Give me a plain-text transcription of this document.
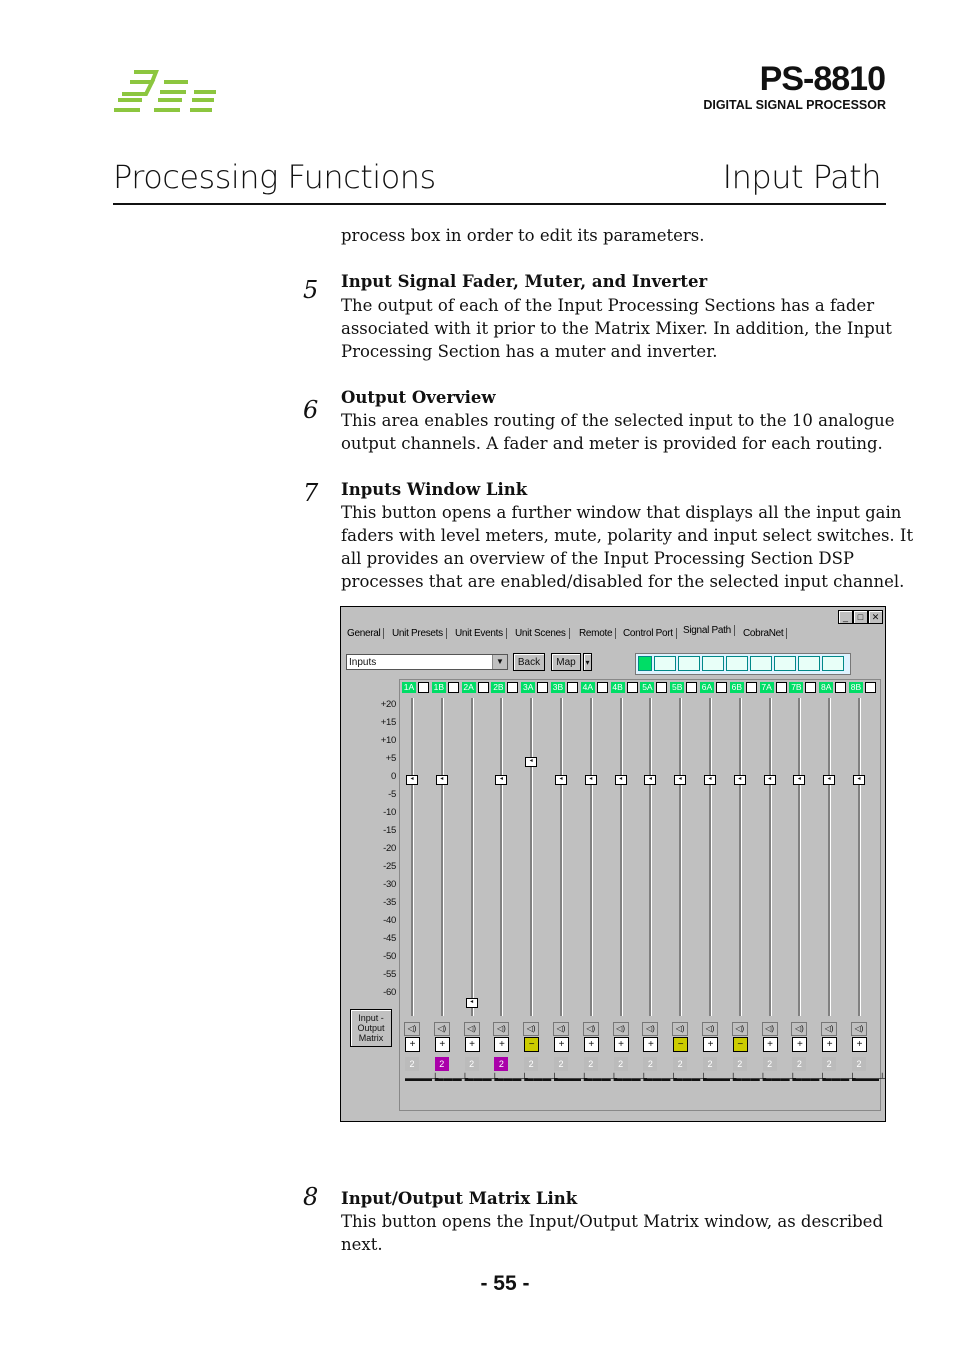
PS-8810
DIGITAL SIGNAL PROCESSOR
Processing Functions	Input Path
process box in order to edit its parameters.
5 Input Signal Fader, Muter, and Inverter
The output of each of the Input Processing Sections has a fader
associated with it prior to the Matrix Mixer. In addition, the Input
Processing Section has a muter and inverter.
6 Output Overview
This area enables routing of the selected input to the 10 analogue
output channels. A fader and meter is provided for each routing.
7 Inputs Window Link
This button opens a further window that displays all the input gain
faders with level meters, mute, polarity and input select switches. It
all provides an overview of the Input Processing Section DSP
processes that are enabled/disabled for the selected input channel.
_	□ ✕
General	Unit Presets	Unit Events	Unit Scenes	Remote	Control Port	Signal Path	CobraNet
Inputs	▼	Back	Map	▾
+20
+15
+10
+5
0
-5
-10
-15
-20
-25
-30
-35
-40
-45
-50
-55
-60
Input -
Output
Matrix
1A
◂
◁)
+
2
▬▬▬┴
1B
◂
◁)
+
2
▬▬▬┴
2A
◂
◁)
+
2
▬▬▬┴
2B
◂
◁)
+
2
▬▬▬┴
3A
◂
◁)
−
2
▬▬▬┴
3B
◂
◁)
+
2
▬▬▬┴
4A
◂
◁)
+
2
▬▬▬┴
4B
◂
◁)
+
2
▬▬▬┴
5A
◂
◁)
+
2
▬▬▬┴
5B
◂
◁)
−
2
▬▬▬┴
6A
◂
◁)
+
2
▬▬▬┴
6B
◂
◁)
−
2
▬▬▬┴
7A
◂
◁)
+
2
▬▬▬┴
7B
◂
◁)
+
2
▬▬▬┴
8A
◂
◁)
+
2
▬▬▬┴
8B
◂
◁)
+
2
▬▬▬┴
8 Input/Output Matrix Link
This button opens the Input/Output Matrix window, as described
next.
- 55 -
